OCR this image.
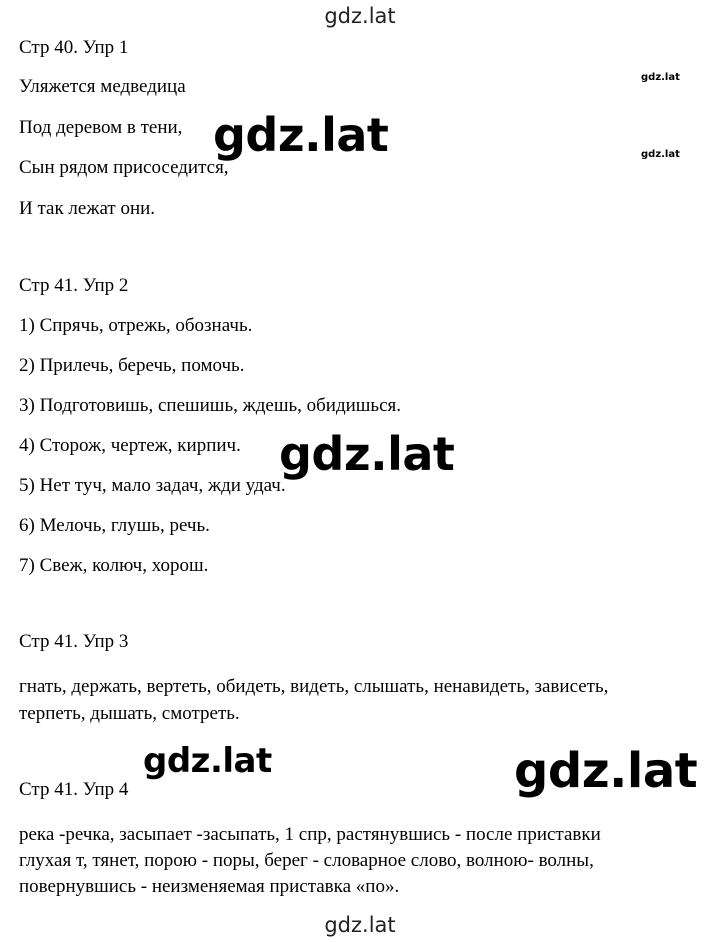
gdz.lat
Стр 40. Упр 1
Уляжется медведица
Под деревом в тени,
Сын рядом присоседится,
И так лежат они.
Стр 41. Упр 2
1) Спрячь, отрежь, обозначь.
2) Прилечь, беречь, помочь.
3) Подготовишь, спешишь, ждешь, обидишься.
4) Сторож, чертеж, кирпич.
5) Нет туч, мало задач, жди удач.
6) Мелочь, глушь, речь.
7) Свеж, колюч, хорош.
Стр 41. Упр 3
гнать, держать, вертеть, обидеть, видеть, слышать, ненавидеть, зависеть,
терпеть, дышать, смотреть.
Стр 41. Упр 4
река -речка, засыпает -засыпать, 1 спр, растянувшись - после приставки
глухая т, тянет, порою - поры, берег - словарное слово, волною- волны,
повернувшись - неизменяемая приставка «по».
gdz.lat
gdz.lat
gdz.lat	gdz.lat
gdz.lat
gdz.lat
gdz.lat
